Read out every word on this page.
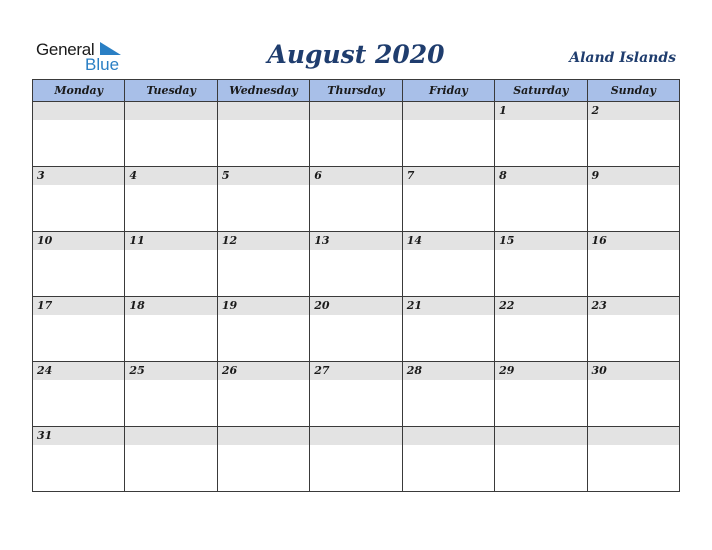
General
Blue	August 2020	Aland Islands
Monday	Tuesday	Wednesday	Thursday	Friday	Saturday	Sunday

					1	2

3	4	5	6	7	8	9

10	11	12	13	14	15	16

17	18	19	20	21	22	23

24	25	26	27	28	29	30

31						
